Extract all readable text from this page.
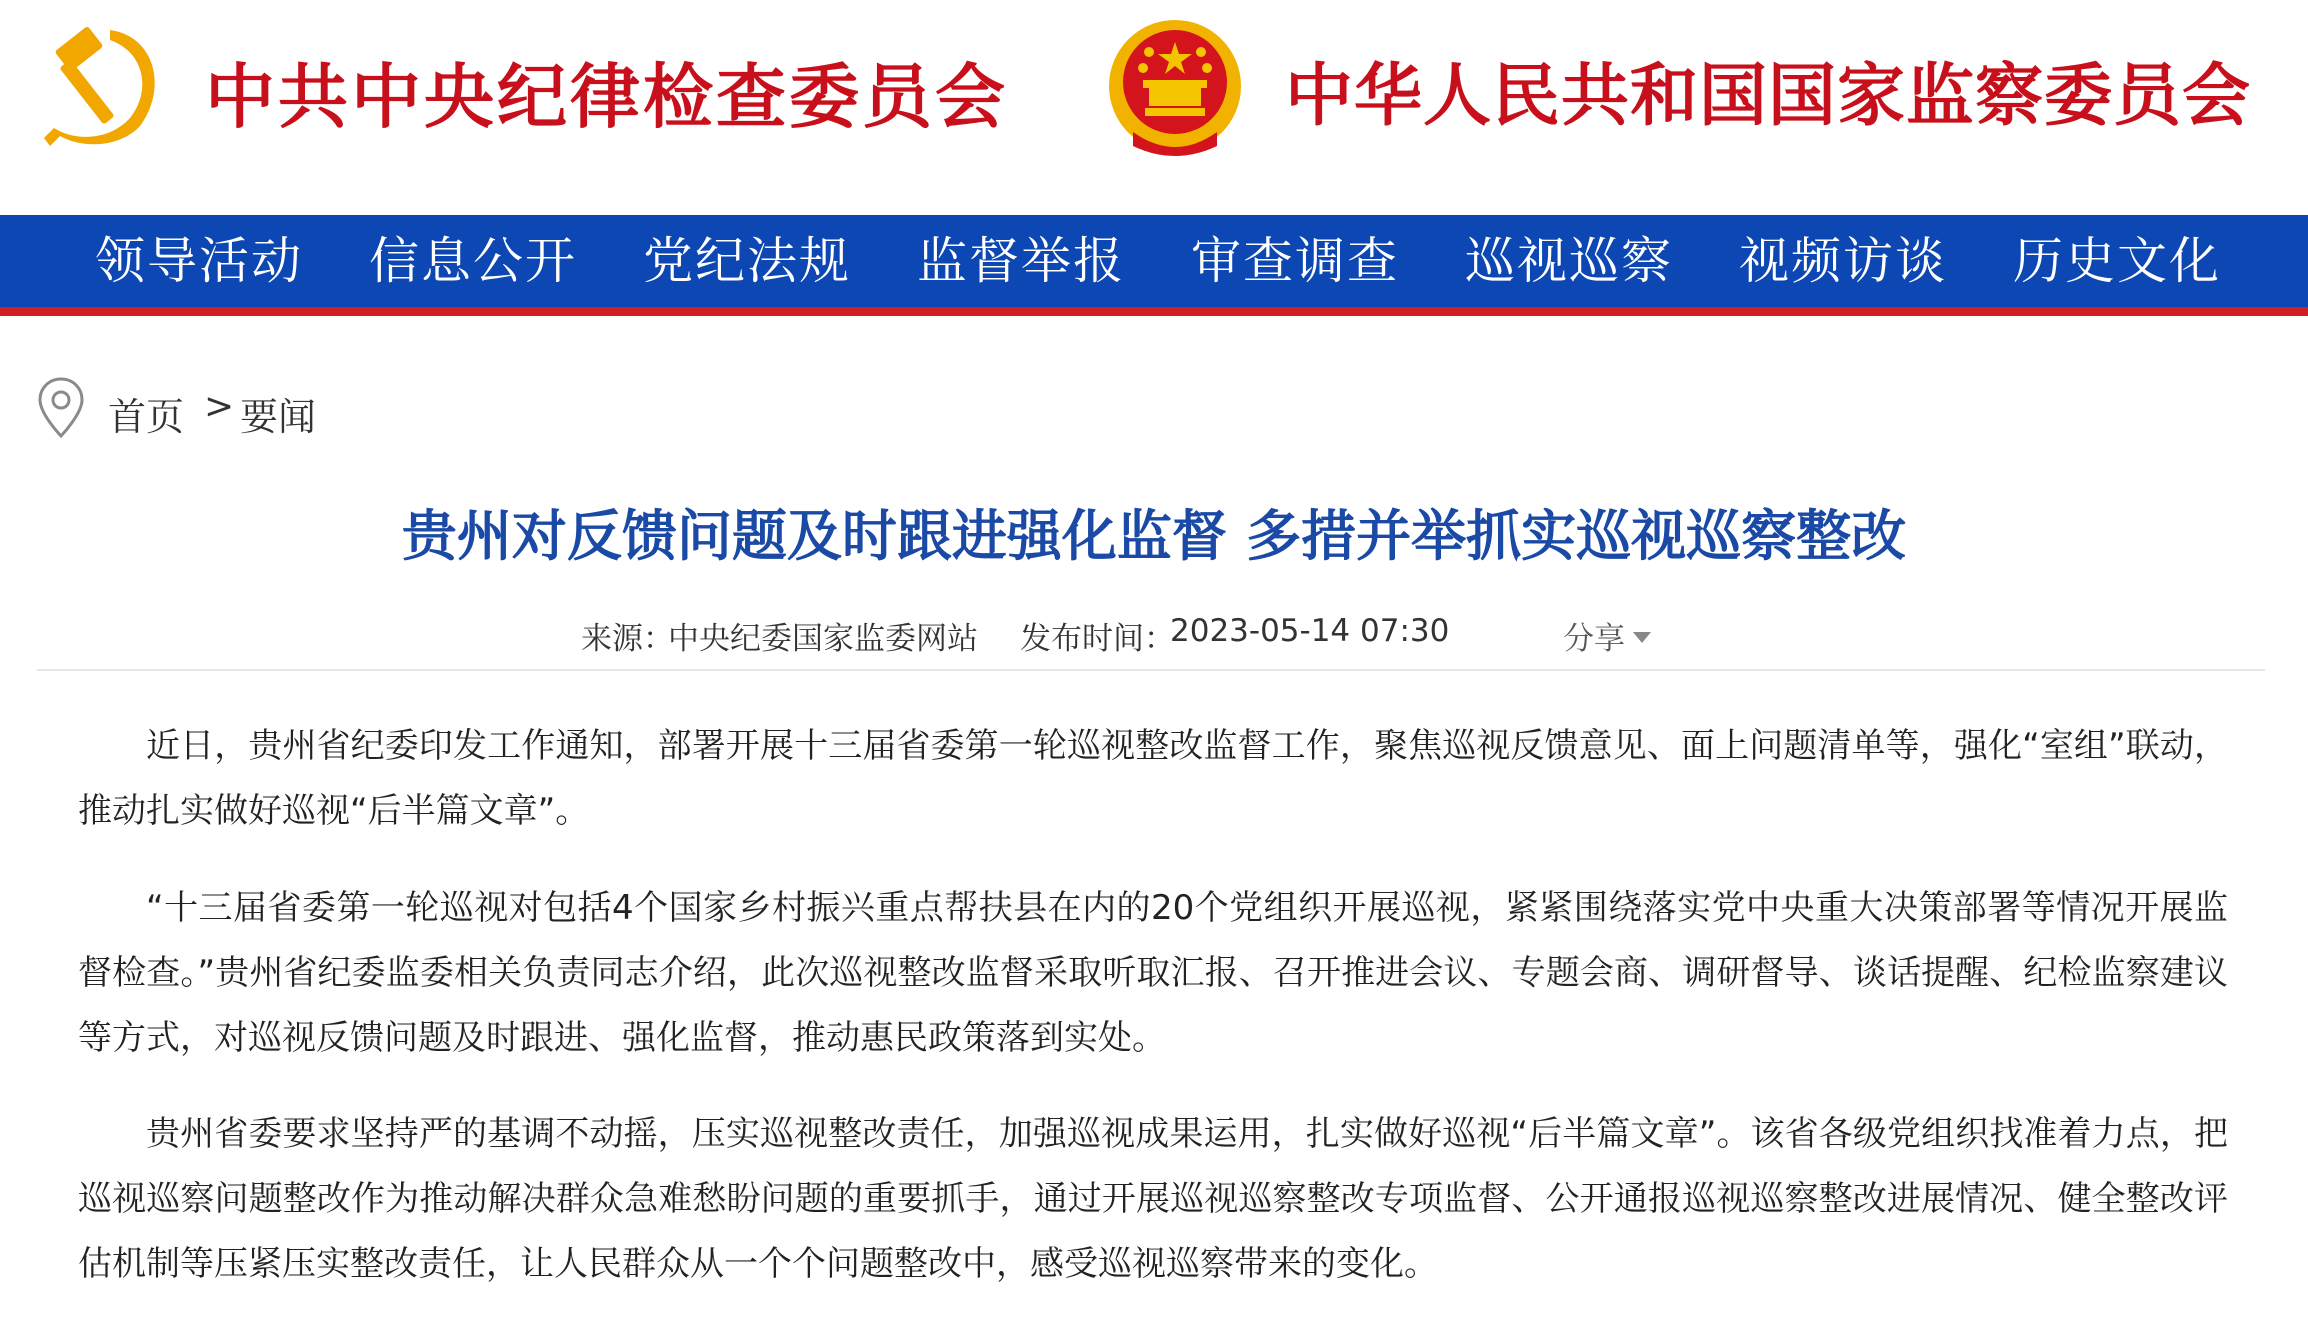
中共中央纪律检查委员会	中华人民共和国国家监察委员会
领导活动 信息公开 党纪法规 监督举报 审查调查 巡视巡察 视频访谈 历史文化
首页 > 要闻
贵州对反馈问题及时跟进强化监督 多措并举抓实巡视巡察整改
来源：
中央纪委国家监委网站 发布时间：
2023-05-14 07:30	分享

近日，贵州省纪委印发工作通知，部署开展十三届省委第一轮巡视整改监督工作，聚焦巡视反馈意见、面上问题清单等，强化“室组”联动，推动扎实做好巡视“后半篇文章”。

“十三届省委第一轮巡视对包括4个国家乡村振兴重点帮扶县在内的20个党组织开展巡视，紧紧围绕落实党中央重大决策部署等情况开展监督检查。”贵州省纪委监委相关负责同志介绍，此次巡视整改监督采取听取汇报、召开推进会议、专题会商、调研督导、谈话提醒、纪检监察建议等方式，对巡视反馈问题及时跟进、强化监督，推动惠民政策落到实处。

贵州省委要求坚持严的基调不动摇，压实巡视整改责任，加强巡视成果运用，扎实做好巡视“后半篇文章”。该省各级党组织找准着力点，把巡视巡察问题整改作为推动解决群众急难愁盼问题的重要抓手，通过开展巡视巡察整改专项监督、公开通报巡视巡察整改进展情况、健全整改评估机制等压紧压实整改责任，让人民群众从一个个问题整改中，感受巡视巡察带来的变化。
